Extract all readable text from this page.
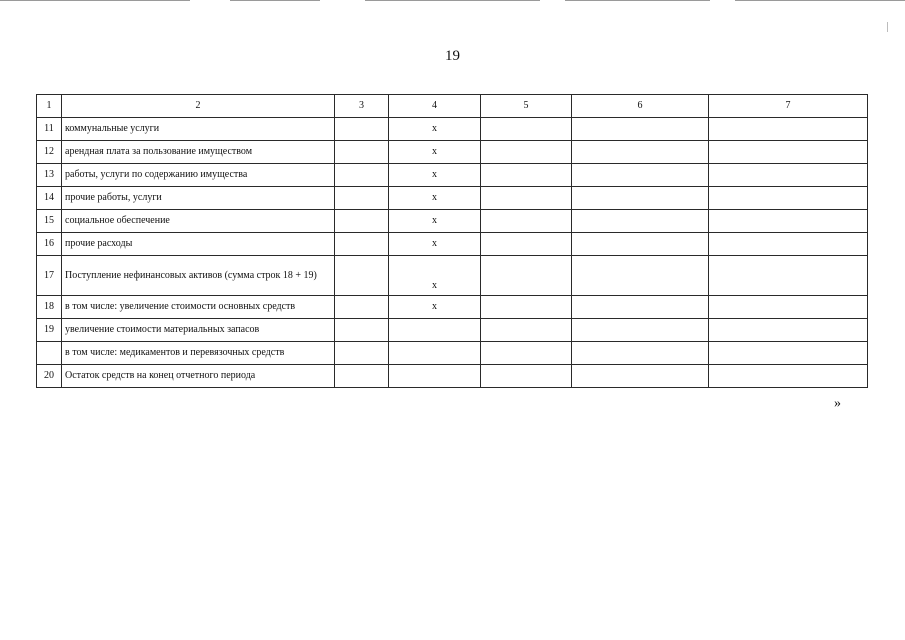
19
1	2	3	4	5	6	7
11	коммунальные услуги		x			
12	арендная плата за пользование имуществом		x			
13	работы, услуги по содержанию имущества		x			
14	прочие работы, услуги		x			
15	социальное обеспечение		x			
16	прочие расходы		x			
17	Поступление нефинансовых активов (сумма строк 18 + 19)		x			
18	в том числе: увеличение стоимости основных средств		x			
19	увеличение стоимости материальных запасов					
	в том числе: медикаментов и перевязочных средств					
20	Остаток средств на конец отчетного периода					
»
